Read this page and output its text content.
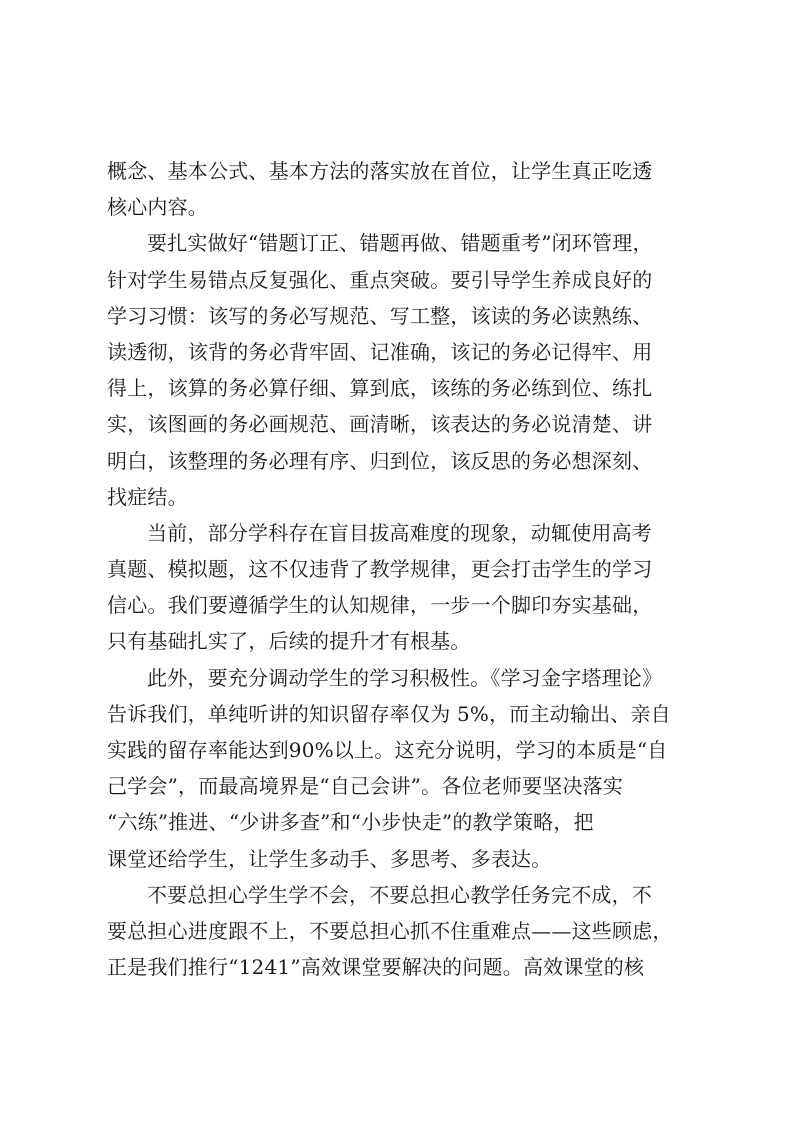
概念、基本公式、基本方法的落实放在首位，让学生真正吃透
核心内容。
要扎实做好“错题订正、错题再做、错题重考”闭环管理，
针对学生易错点反复强化、重点突破。要引导学生养成良好的
学习习惯：该写的务必写规范、写工整，该读的务必读熟练、
读透彻，该背的务必背牢固、记准确，该记的务必记得牢、用
得上，该算的务必算仔细、算到底，该练的务必练到位、练扎
实，该图画的务必画规范、画清晰，该表达的务必说清楚、讲
明白，该整理的务必理有序、归到位，该反思的务必想深刻、
找症结。
当前，部分学科存在盲目拔高难度的现象，动辄使用高考
真题、模拟题，这不仅违背了教学规律，更会打击学生的学习
信心。我们要遵循学生的认知规律，一步一个脚印夯实基础，
只有基础扎实了，后续的提升才有根基。
此外，要充分调动学生的学习积极性。《学习金字塔理论》
告诉我们，单纯听讲的知识留存率仅为 5%，而主动输出、亲自
实践的留存率能达到90%以上。这充分说明，学习的本质是“自
己学会”，而最高境界是“自己会讲”。各位老师要坚决落实
“六练”推进、“少讲多查”和“小步快走”的教学策略，把
课堂还给学生，让学生多动手、多思考、多表达。
不要总担心学生学不会，不要总担心教学任务完不成，不
要总担心进度跟不上，不要总担心抓不住重难点——这些顾虑，
正是我们推行“1241”高效课堂要解决的问题。高效课堂的核
